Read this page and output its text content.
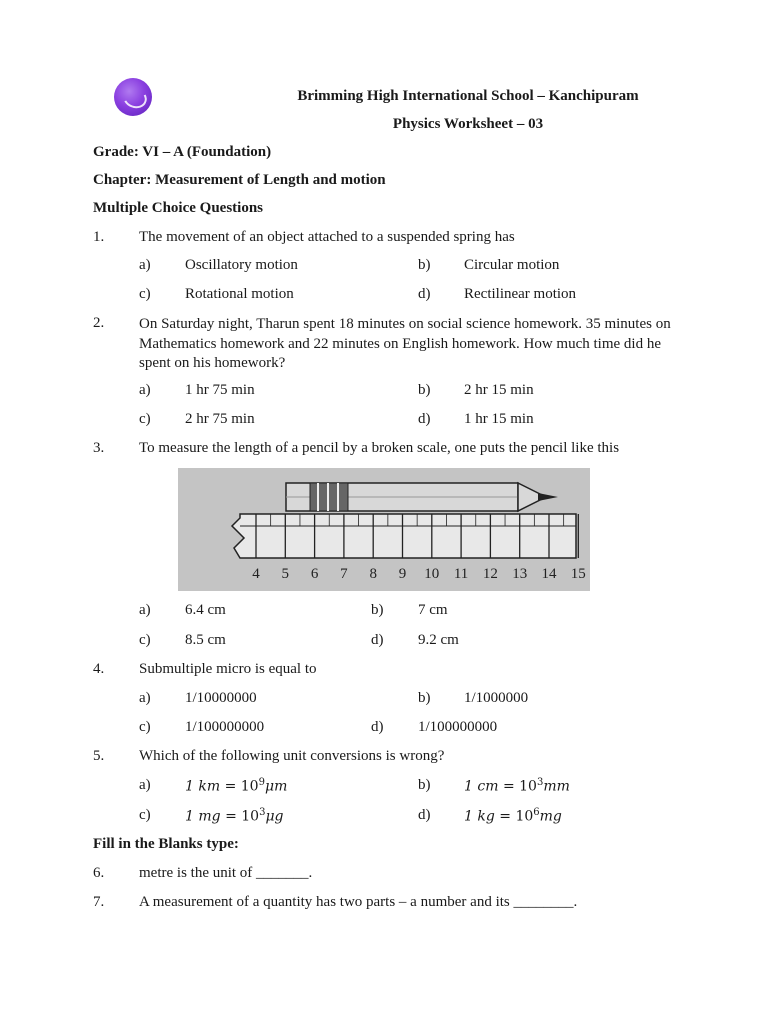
Brimming High International School – Kanchipuram
Physics Worksheet – 03
Grade: VI – A (Foundation)
Chapter: Measurement of Length and motion
Multiple Choice Questions
1. The movement of an object attached to a suspended spring has
a) Oscillatory motion	b) Circular motion
c) Rotational motion	d) Rectilinear motion
2. On Saturday night, Tharun spent 18 minutes on social science homework. 35 minutes on Mathematics homework and 22 minutes on English homework. How much time did he spent on his homework?
a) 1 hr 75 min	b) 2 hr 15 min
c) 2 hr 75 min	d) 1 hr 15 min
3. To measure the length of a pencil by a broken scale, one puts the pencil like this
4 5 6 7 8 9 10 11 12 13 14 15
a) 6.4 cm	b) 7 cm
c) 8.5 cm	d) 9.2 cm
4. Submultiple micro is equal to
a) 1/10000000	b) 1/1000000
c) 1/100000000	d) 1/100000000
5. Which of the following unit conversions is wrong?
a) 1 km = $10^9\mu m$	b) 1 cm = $10^3mm$
c) 1 mg = $10^3\mu g$	d) 1 kg = $10^6mg$
Fill in the Blanks type:
6. metre is the unit of _______.
7. A measurement of a quantity has two parts – a number and its ________.
